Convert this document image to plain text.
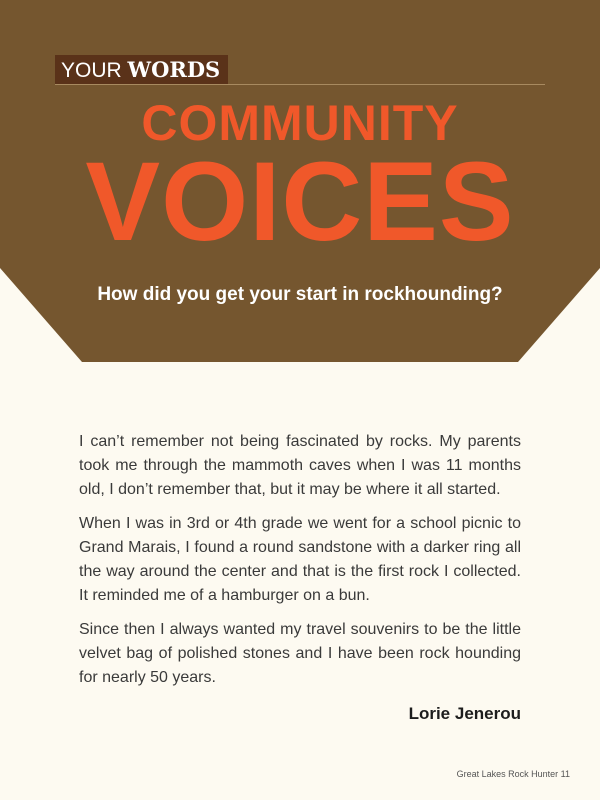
YOUR WORDS
COMMUNITY
VOICES
How did you get your start in rockhounding?

I can’t remember not being fascinated by rocks. My parents took me through the mammoth caves when I was 11 months old, I don’t remember that, but it may be where it all started.

When I was in 3rd or 4th grade we went for a school picnic to Grand Marais, I found a round sandstone with a darker ring all the way around the center and that is the first rock I collected. It reminded me of a hamburger on a bun.

Since then I always wanted my travel souvenirs to be the little velvet bag of polished stones and I have been rock hounding for nearly 50 years.

Lorie Jenerou
Great Lakes Rock Hunter 11
